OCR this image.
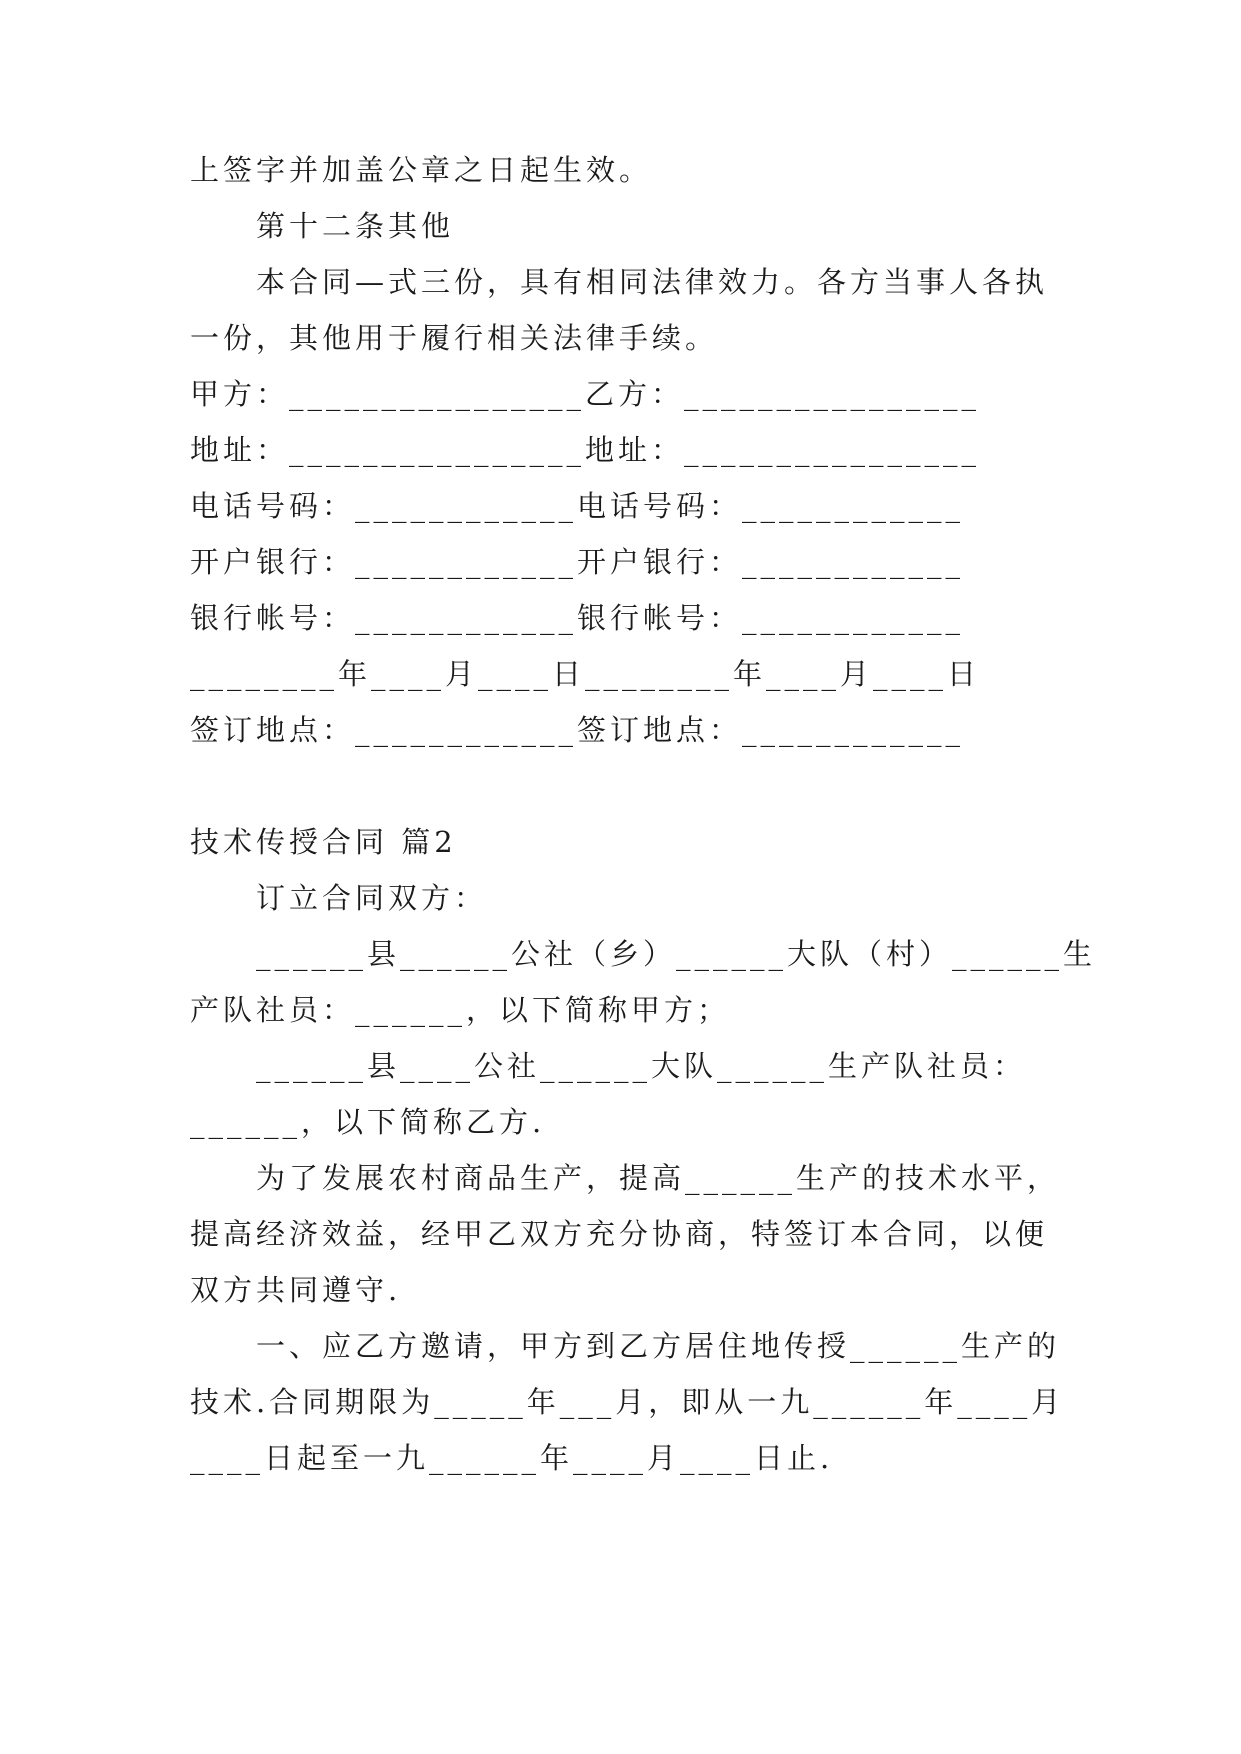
上签字并加盖公章之日起生效。
第十二条其他
本合同—式三份，具有相同法律效力。各方当事人各执
一份，其他用于履行相关法律手续。
甲方：________________乙方：________________
地址：________________地址：________________
电话号码：____________电话号码：____________
开户银行：____________开户银行：____________
银行帐号：____________银行帐号：____________
________年____月____日________年____月____日
签订地点：____________签订地点：____________
技术传授合同 篇2
订立合同双方：
______县______公社（乡）______大队（村）______生
产队社员：______，以下简称甲方；
______县____公社______大队______生产队社员：
______，以下简称乙方.
为了发展农村商品生产，提高______生产的技术水平，
提高经济效益，经甲乙双方充分协商，特签订本合同，以便
双方共同遵守.
一、应乙方邀请，甲方到乙方居住地传授______生产的
技术.合同期限为_____年___月，即从一九______年____月
____日起至一九______年____月____日止.
